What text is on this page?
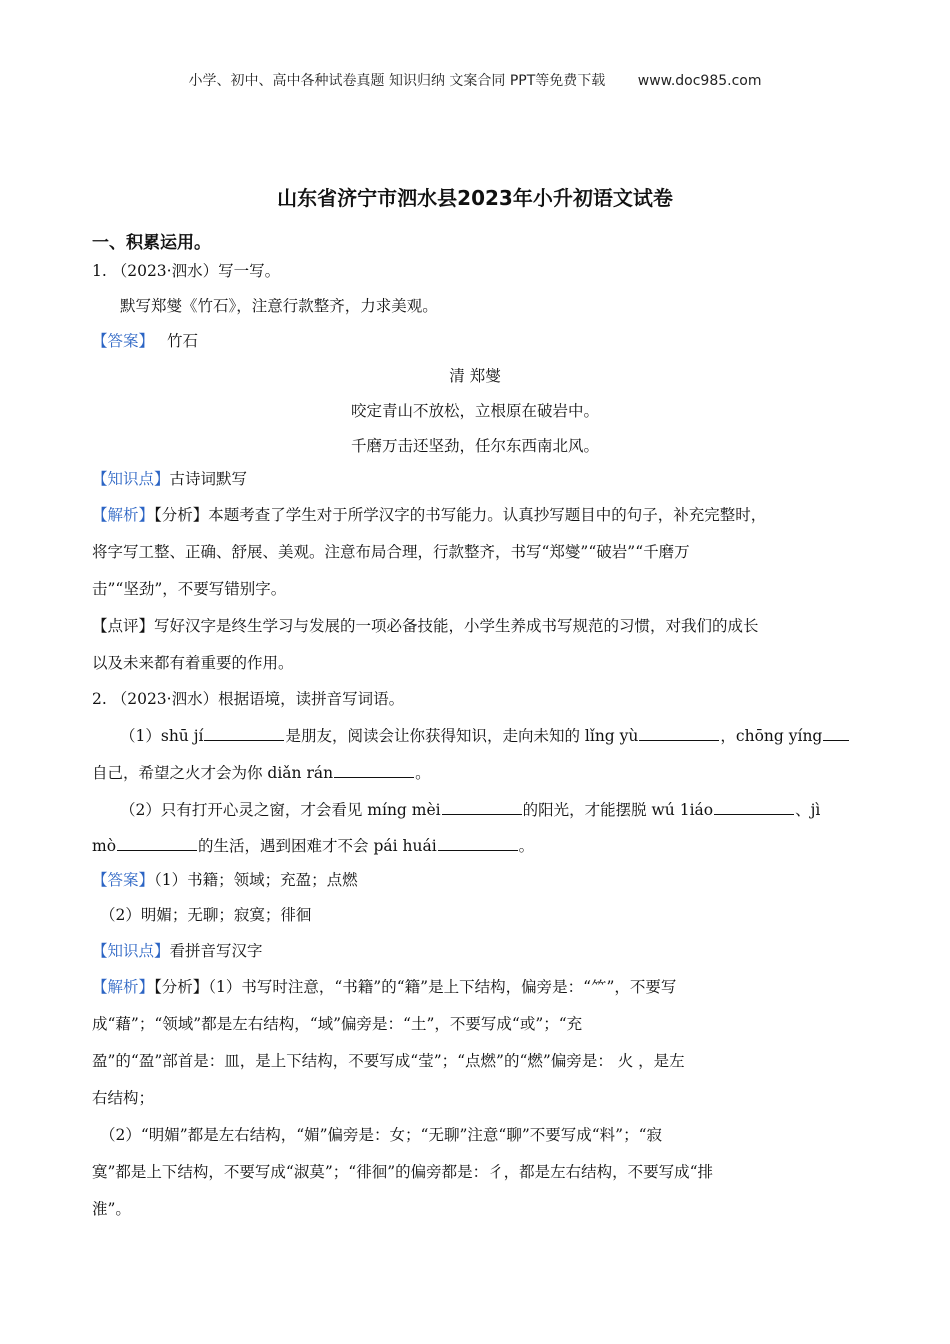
小学、初中、高中各种试卷真题 知识归纳 文案合同 PPT等免费下载 www.doc985.com
山东省济宁市泗水县2023年小升初语文试卷
一、积累运用。
1. （2023·泗水）写一写。
默写郑燮《竹石》，注意行款整齐，力求美观。
【答案】 竹石
清 郑燮
咬定青山不放松，立根原在破岩中。
千磨万击还坚劲，任尔东西南北风。
【知识点】古诗词默写
【解析】【分析】本题考查了学生对于所学汉字的书写能力。认真抄写题目中的句子，补充完整时，
将字写工整、正确、舒展、美观。注意布局合理，行款整齐，书写“郑燮”“破岩”“千磨万
击”“坚劲”，不要写错别字。
【点评】写好汉字是终生学习与发展的一项必备技能，小学生养成书写规范的习惯，对我们的成长
以及未来都有着重要的作用。
2. （2023·泗水）根据语境，读拼音写词语。
（1）shū jí	是朋友，阅读会让你获得知识，走向未知的 lǐng yù	，chōng yíng
自己，希望之火才会为你 diǎn rán	。
（2）只有打开心灵之窗，才会看见 míng mèi	的阳光，才能摆脱 wú 1iáo	、jì
mò	的生活，遇到困难才不会 pái huái	。
【答案】（1）书籍；领域；充盈；点燃
（2）明媚；无聊；寂寞；徘徊
【知识点】看拼音写汉字
【解析】【分析】（1）书写时注意，“书籍”的“籍”是上下结构，偏旁是：“⺮”，不要写
成“藉”；“领域”都是左右结构，“域”偏旁是：“土”，不要写成“或”；“充
盈”的“盈”部首是：皿，是上下结构，不要写成“莹”；“点燃”的“燃”偏旁是： 火 ，是左
右结构；
（2）“明媚”都是左右结构，“媚”偏旁是：女；“无聊”注意“聊”不要写成“料”；“寂
寞”都是上下结构，不要写成“淑莫”；“徘徊”的偏旁都是：彳，都是左右结构，不要写成“排
淮”。
